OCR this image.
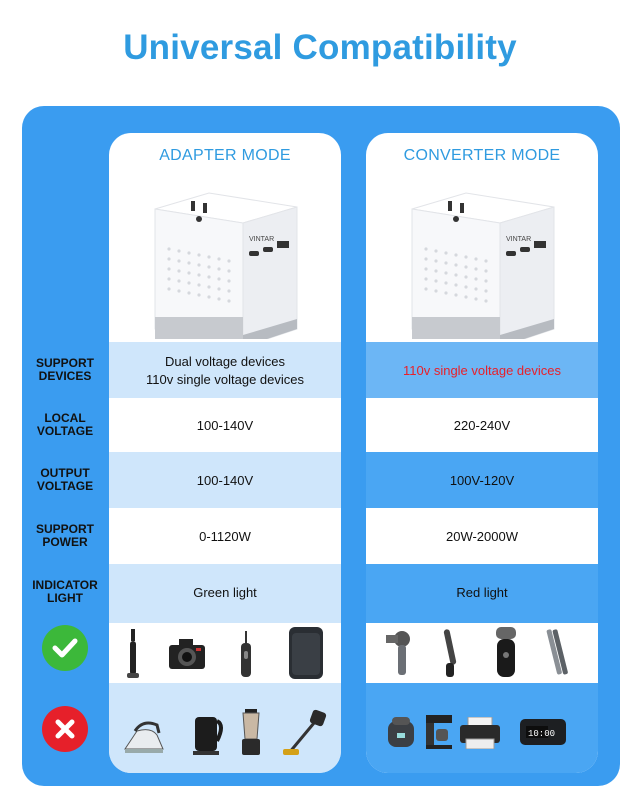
Universal Compatibility
SUPPORT
DEVICES
LOCAL
VOLTAGE
OUTPUT
VOLTAGE
SUPPORT
POWER
INDICATOR
LIGHT
ADAPTER MODE
VINTAR
Dual voltage devices
110v single voltage devices
100-140V
100-140V
0-1120W
Green light
CONVERTER MODE
VINTAR
110v single voltage devices
220-240V
100V-120V
20W-2000W
Red light
10:00
